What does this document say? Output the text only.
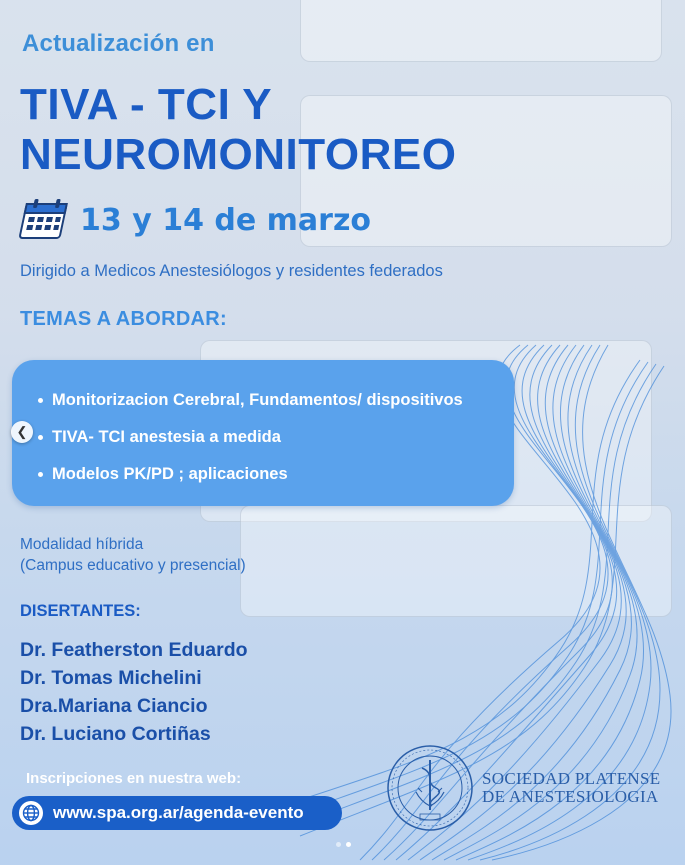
Actualización en
TIVA - TCI Y
NEUROMONITOREO
13 y 14 de marzo
Dirigido a Medicos Anestesiólogos y residentes federados
TEMAS A ABORDAR:
Monitorizacion Cerebral, Fundamentos/ dispositivos
TIVA- TCI anestesia a medida
Modelos PK/PD ; aplicaciones
❮
Modalidad híbrida
(Campus educativo y presencial)
DISERTANTES:
Dr. Featherston Eduardo
Dr. Tomas Michelini
Dra.Mariana Ciancio
Dr. Luciano Cortiñas
Inscripciones en nuestra web:
www.spa.org.ar/agenda-evento
SOCIEDAD PLATENSE
DE ANESTESIOLOGIA
